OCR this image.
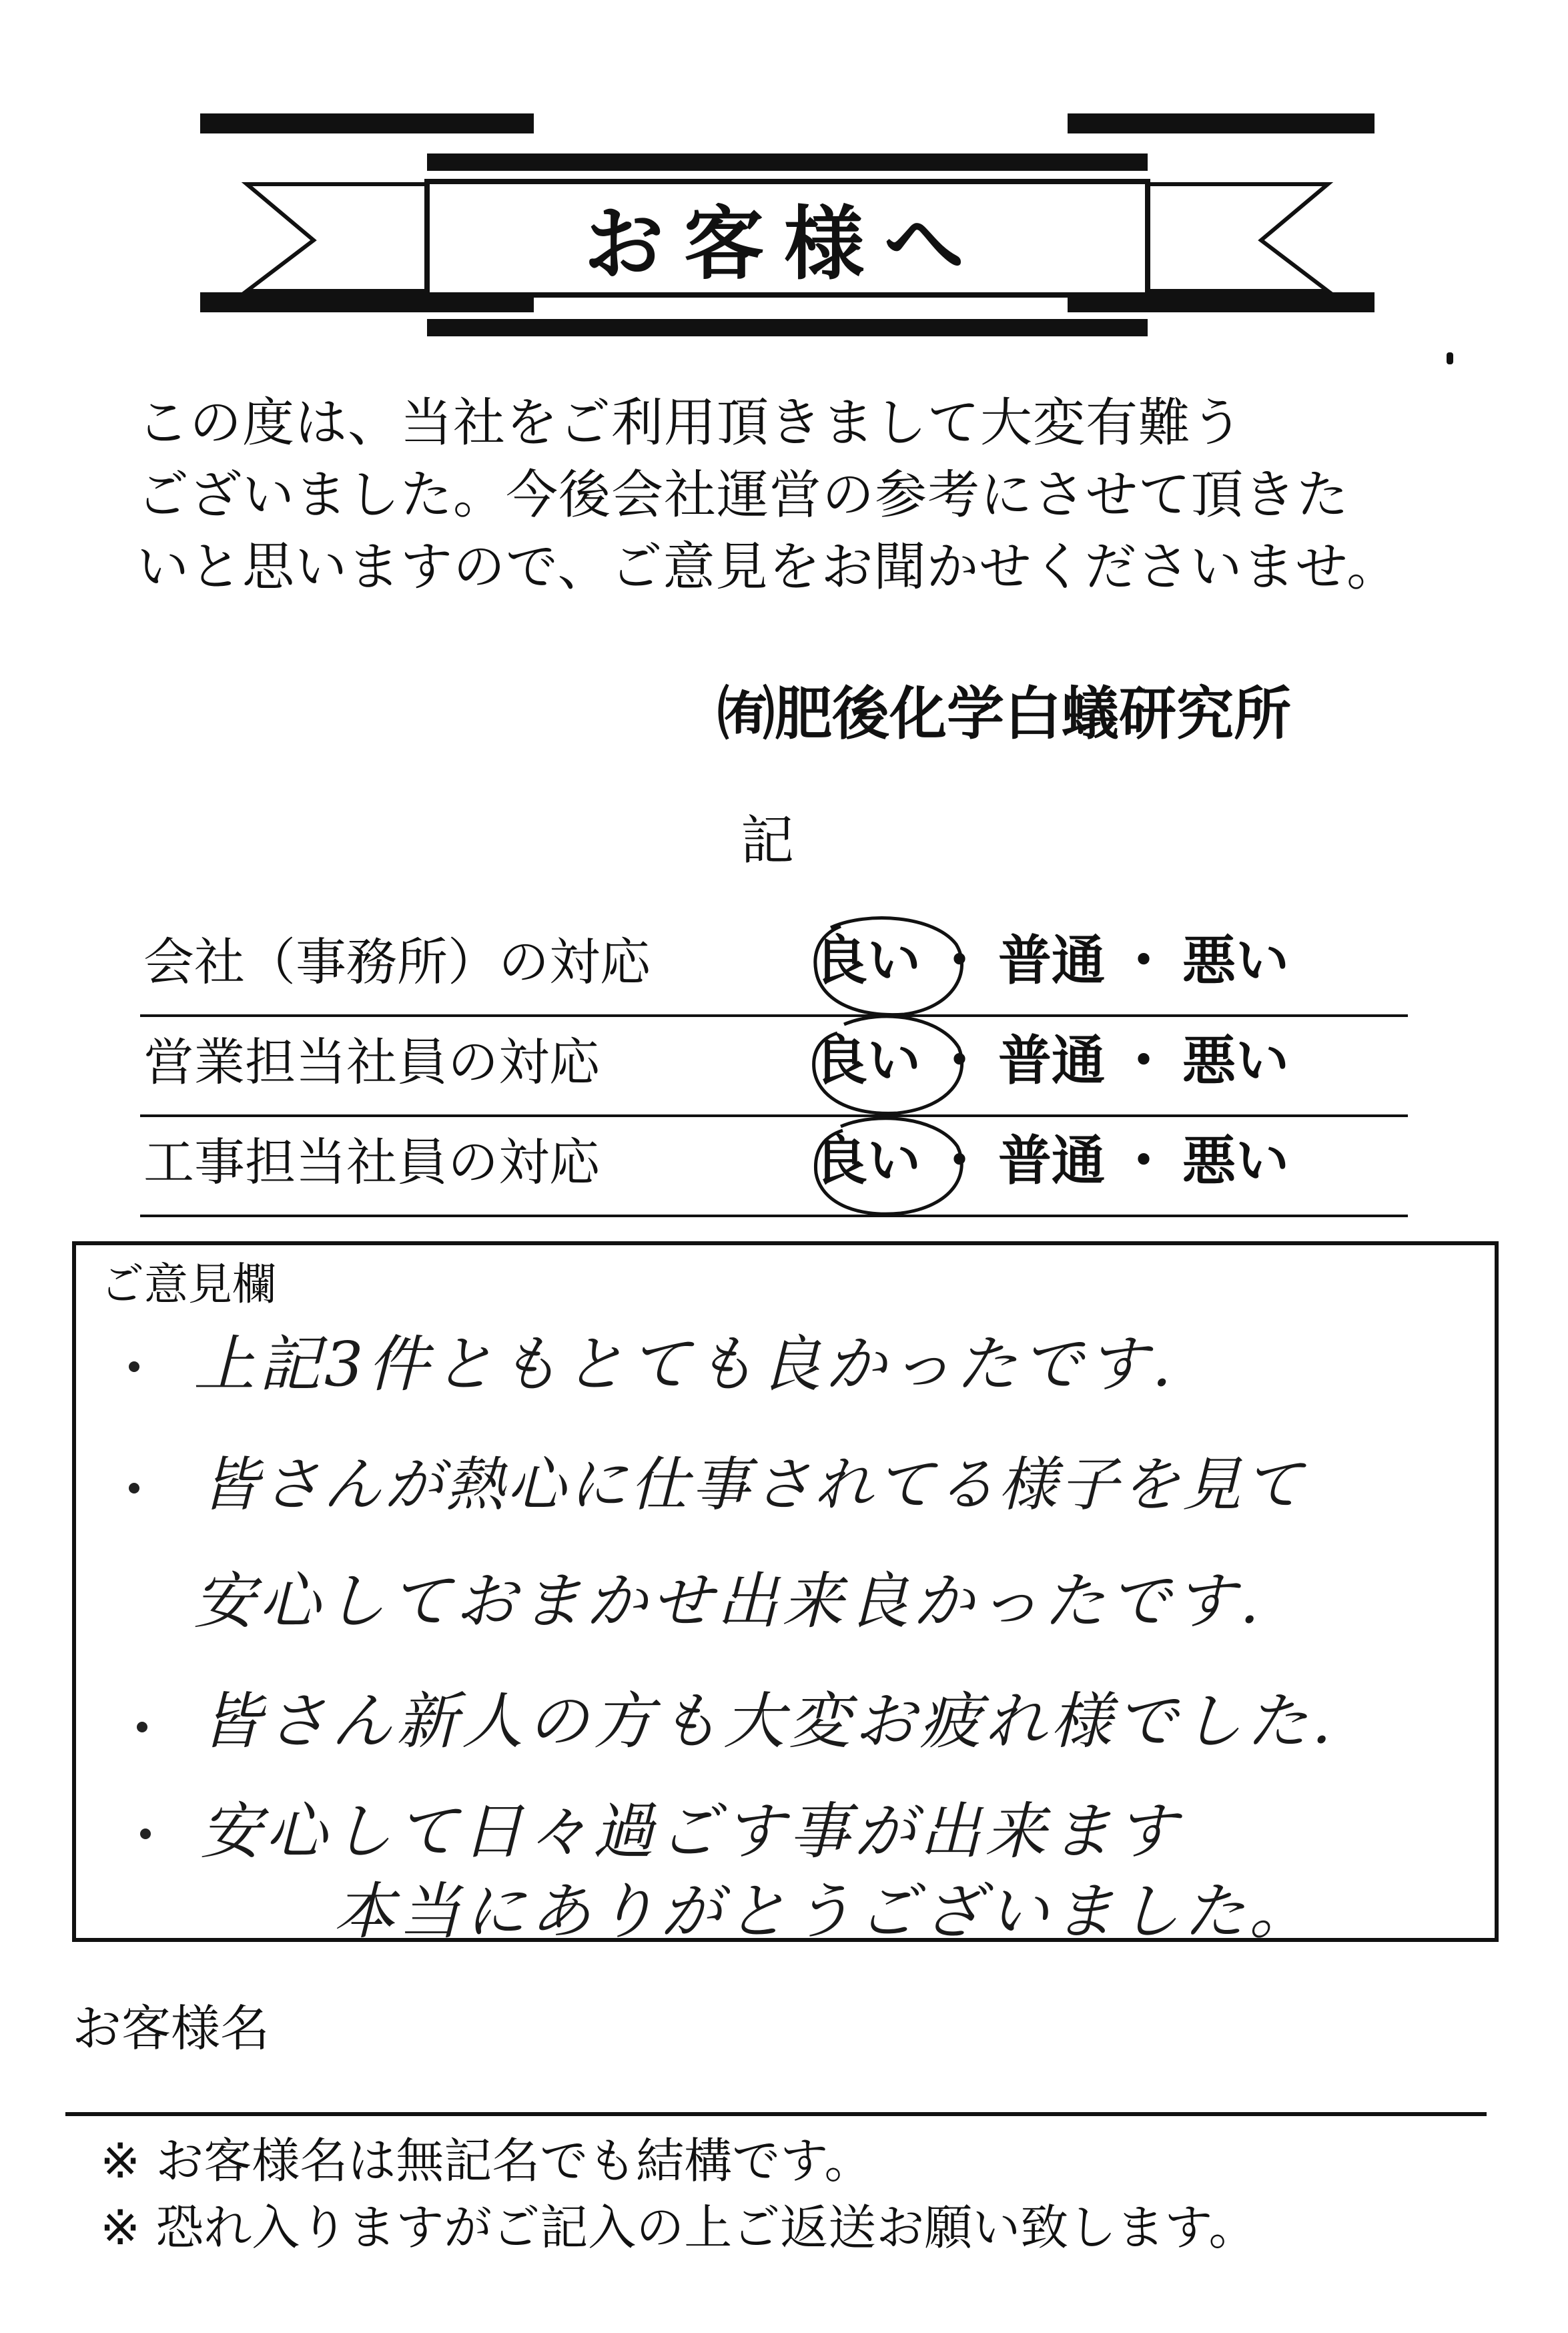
お客様へ
この度は、当社をご利用頂きまして大変有難う
ございました。今後会社運営の参考にさせて頂きた
いと思いますので、ご意見をお聞かせくださいませ。
㈲肥後化学白蟻研究所
記
会社（事務所）の対応	良い ・ 普通 ・ 悪い
営業担当社員の対応	良い ・ 普通 ・ 悪い
工事担当社員の対応	良い ・ 普通 ・ 悪い
ご意見欄
上記3件ともとても良かったです.
皆さんが熱心に仕事されてる様子を見て
安心しておまかせ出来良かったです.
皆さん新人の方も大変お疲れ様でした.
安心して日々過ごす事が出来ます
本当にありがとうございました。
お客様名
※ お客様名は無記名でも結構です。
※ 恐れ入りますがご記入の上ご返送お願い致します。
